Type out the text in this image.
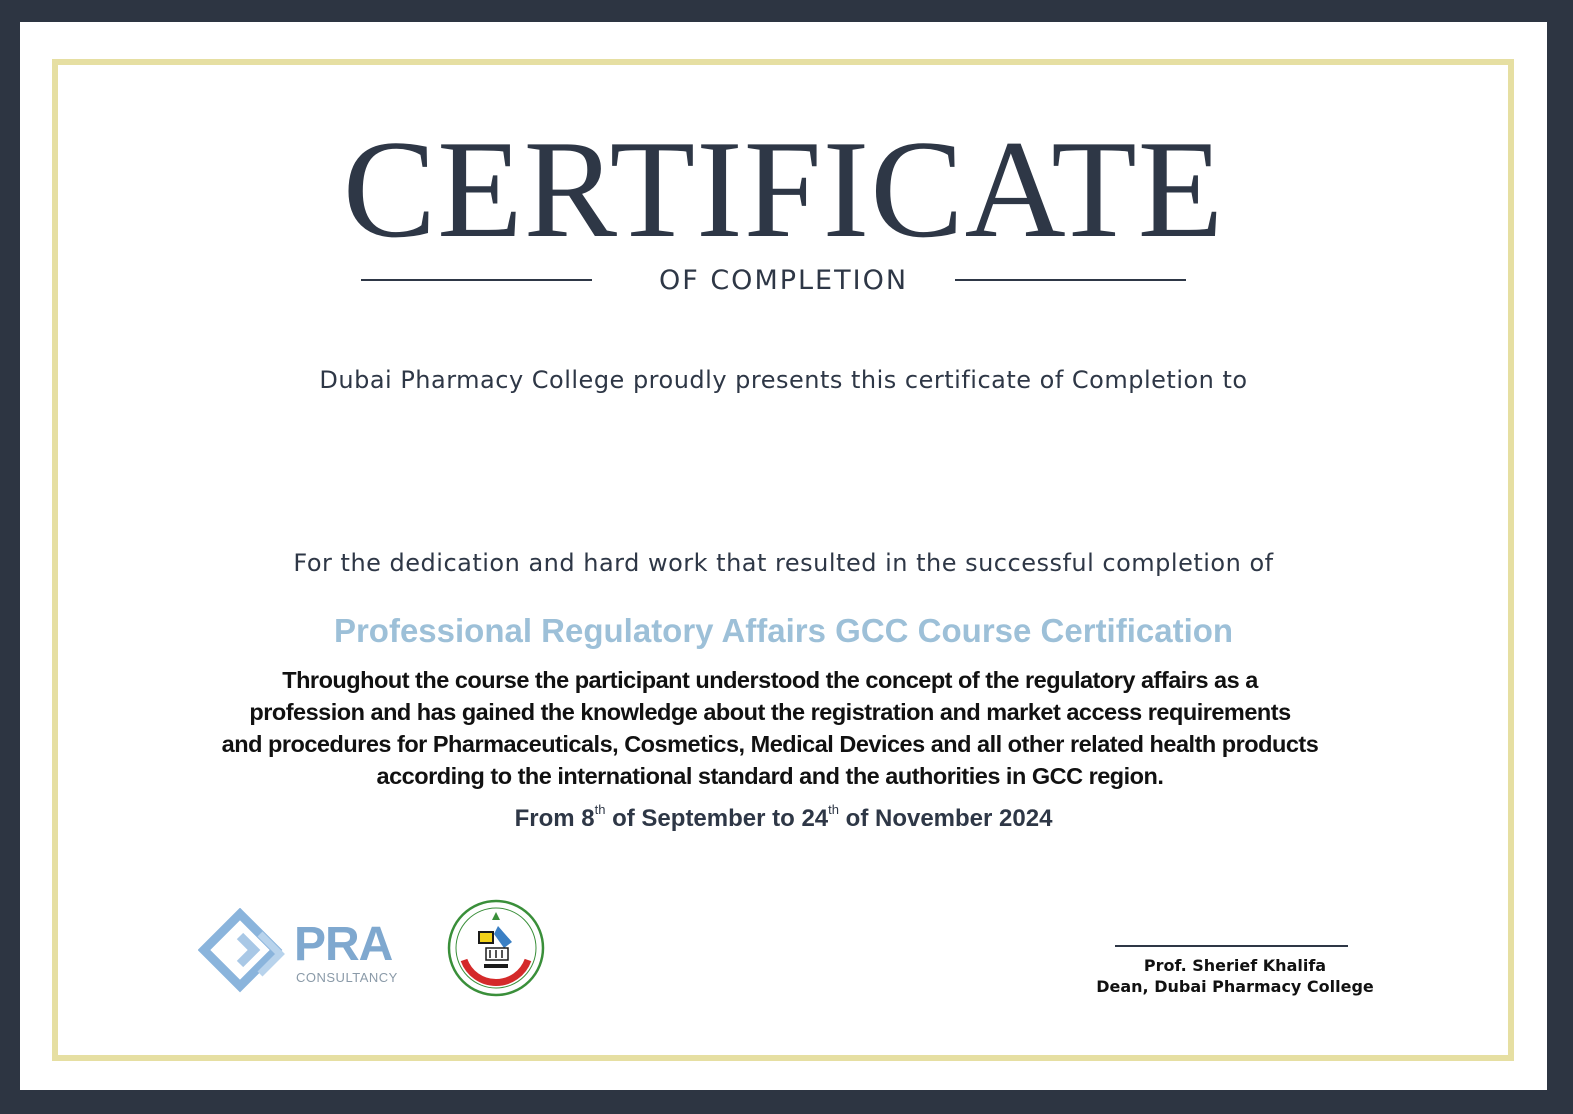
CERTIFICATE
OF COMPLETION
Dubai Pharmacy College proudly presents this certificate of Completion to
For the dedication and hard work that resulted in the successful completion of
Professional Regulatory Affairs GCC Course Certification
Throughout the course the participant understood the concept of the regulatory affairs as a
profession and has gained the knowledge about the registration and market access requirements
and procedures for Pharmaceuticals, Cosmetics, Medical Devices and all other related health products
according to the international standard and the authorities in GCC region.
From 8th of September to 24th of November 2024
PRA
CONSULTANCY
Prof. Sherief Khalifa
Dean, Dubai Pharmacy College
